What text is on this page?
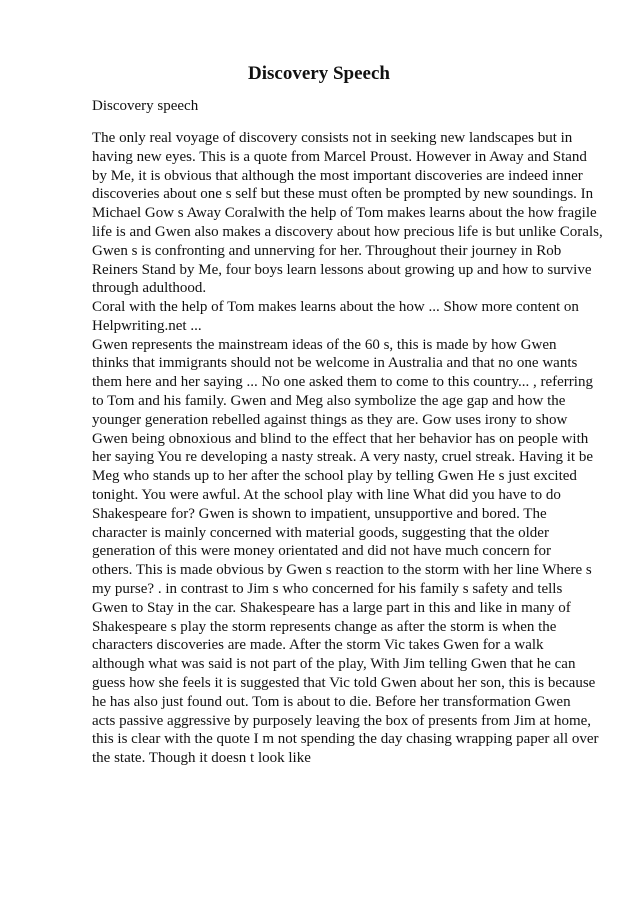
Discovery Speech

Discovery speech

The only real voyage of discovery consists not in seeking new landscapes but in
having new eyes. This is a quote from Marcel Proust. However in Away and Stand
by Me, it is obvious that although the most important discoveries are indeed inner
discoveries about one s self but these must often be prompted by new soundings. In
Michael Gow s Away Coralwith the help of Tom makes learns about the how fragile
life is and Gwen also makes a discovery about how precious life is but unlike Corals,
Gwen s is confronting and unnerving for her. Throughout their journey in Rob
Reiners Stand by Me, four boys learn lessons about growing up and how to survive
through adulthood.
Coral with the help of Tom makes learns about the how ... Show more content on
Helpwriting.net ...
Gwen represents the mainstream ideas of the 60 s, this is made by how Gwen
thinks that immigrants should not be welcome in Australia and that no one wants
them here and her saying ... No one asked them to come to this country... , referring
to Tom and his family. Gwen and Meg also symbolize the age gap and how the
younger generation rebelled against things as they are. Gow uses irony to show
Gwen being obnoxious and blind to the effect that her behavior has on people with
her saying You re developing a nasty streak. A very nasty, cruel streak. Having it be
Meg who stands up to her after the school play by telling Gwen He s just excited
tonight. You were awful. At the school play with line What did you have to do
Shakespeare for? Gwen is shown to impatient, unsupportive and bored. The
character is mainly concerned with material goods, suggesting that the older
generation of this were money orientated and did not have much concern for
others. This is made obvious by Gwen s reaction to the storm with her line Where s
my purse? . in contrast to Jim s who concerned for his family s safety and tells
Gwen to Stay in the car. Shakespeare has a large part in this and like in many of
Shakespeare s play the storm represents change as after the storm is when the
characters discoveries are made. After the storm Vic takes Gwen for a walk
although what was said is not part of the play, With Jim telling Gwen that he can
guess how she feels it is suggested that Vic told Gwen about her son, this is because
he has also just found out. Tom is about to die. Before her transformation Gwen
acts passive aggressive by purposely leaving the box of presents from Jim at home,
this is clear with the quote I m not spending the day chasing wrapping paper all over
the state. Though it doesn t look like
